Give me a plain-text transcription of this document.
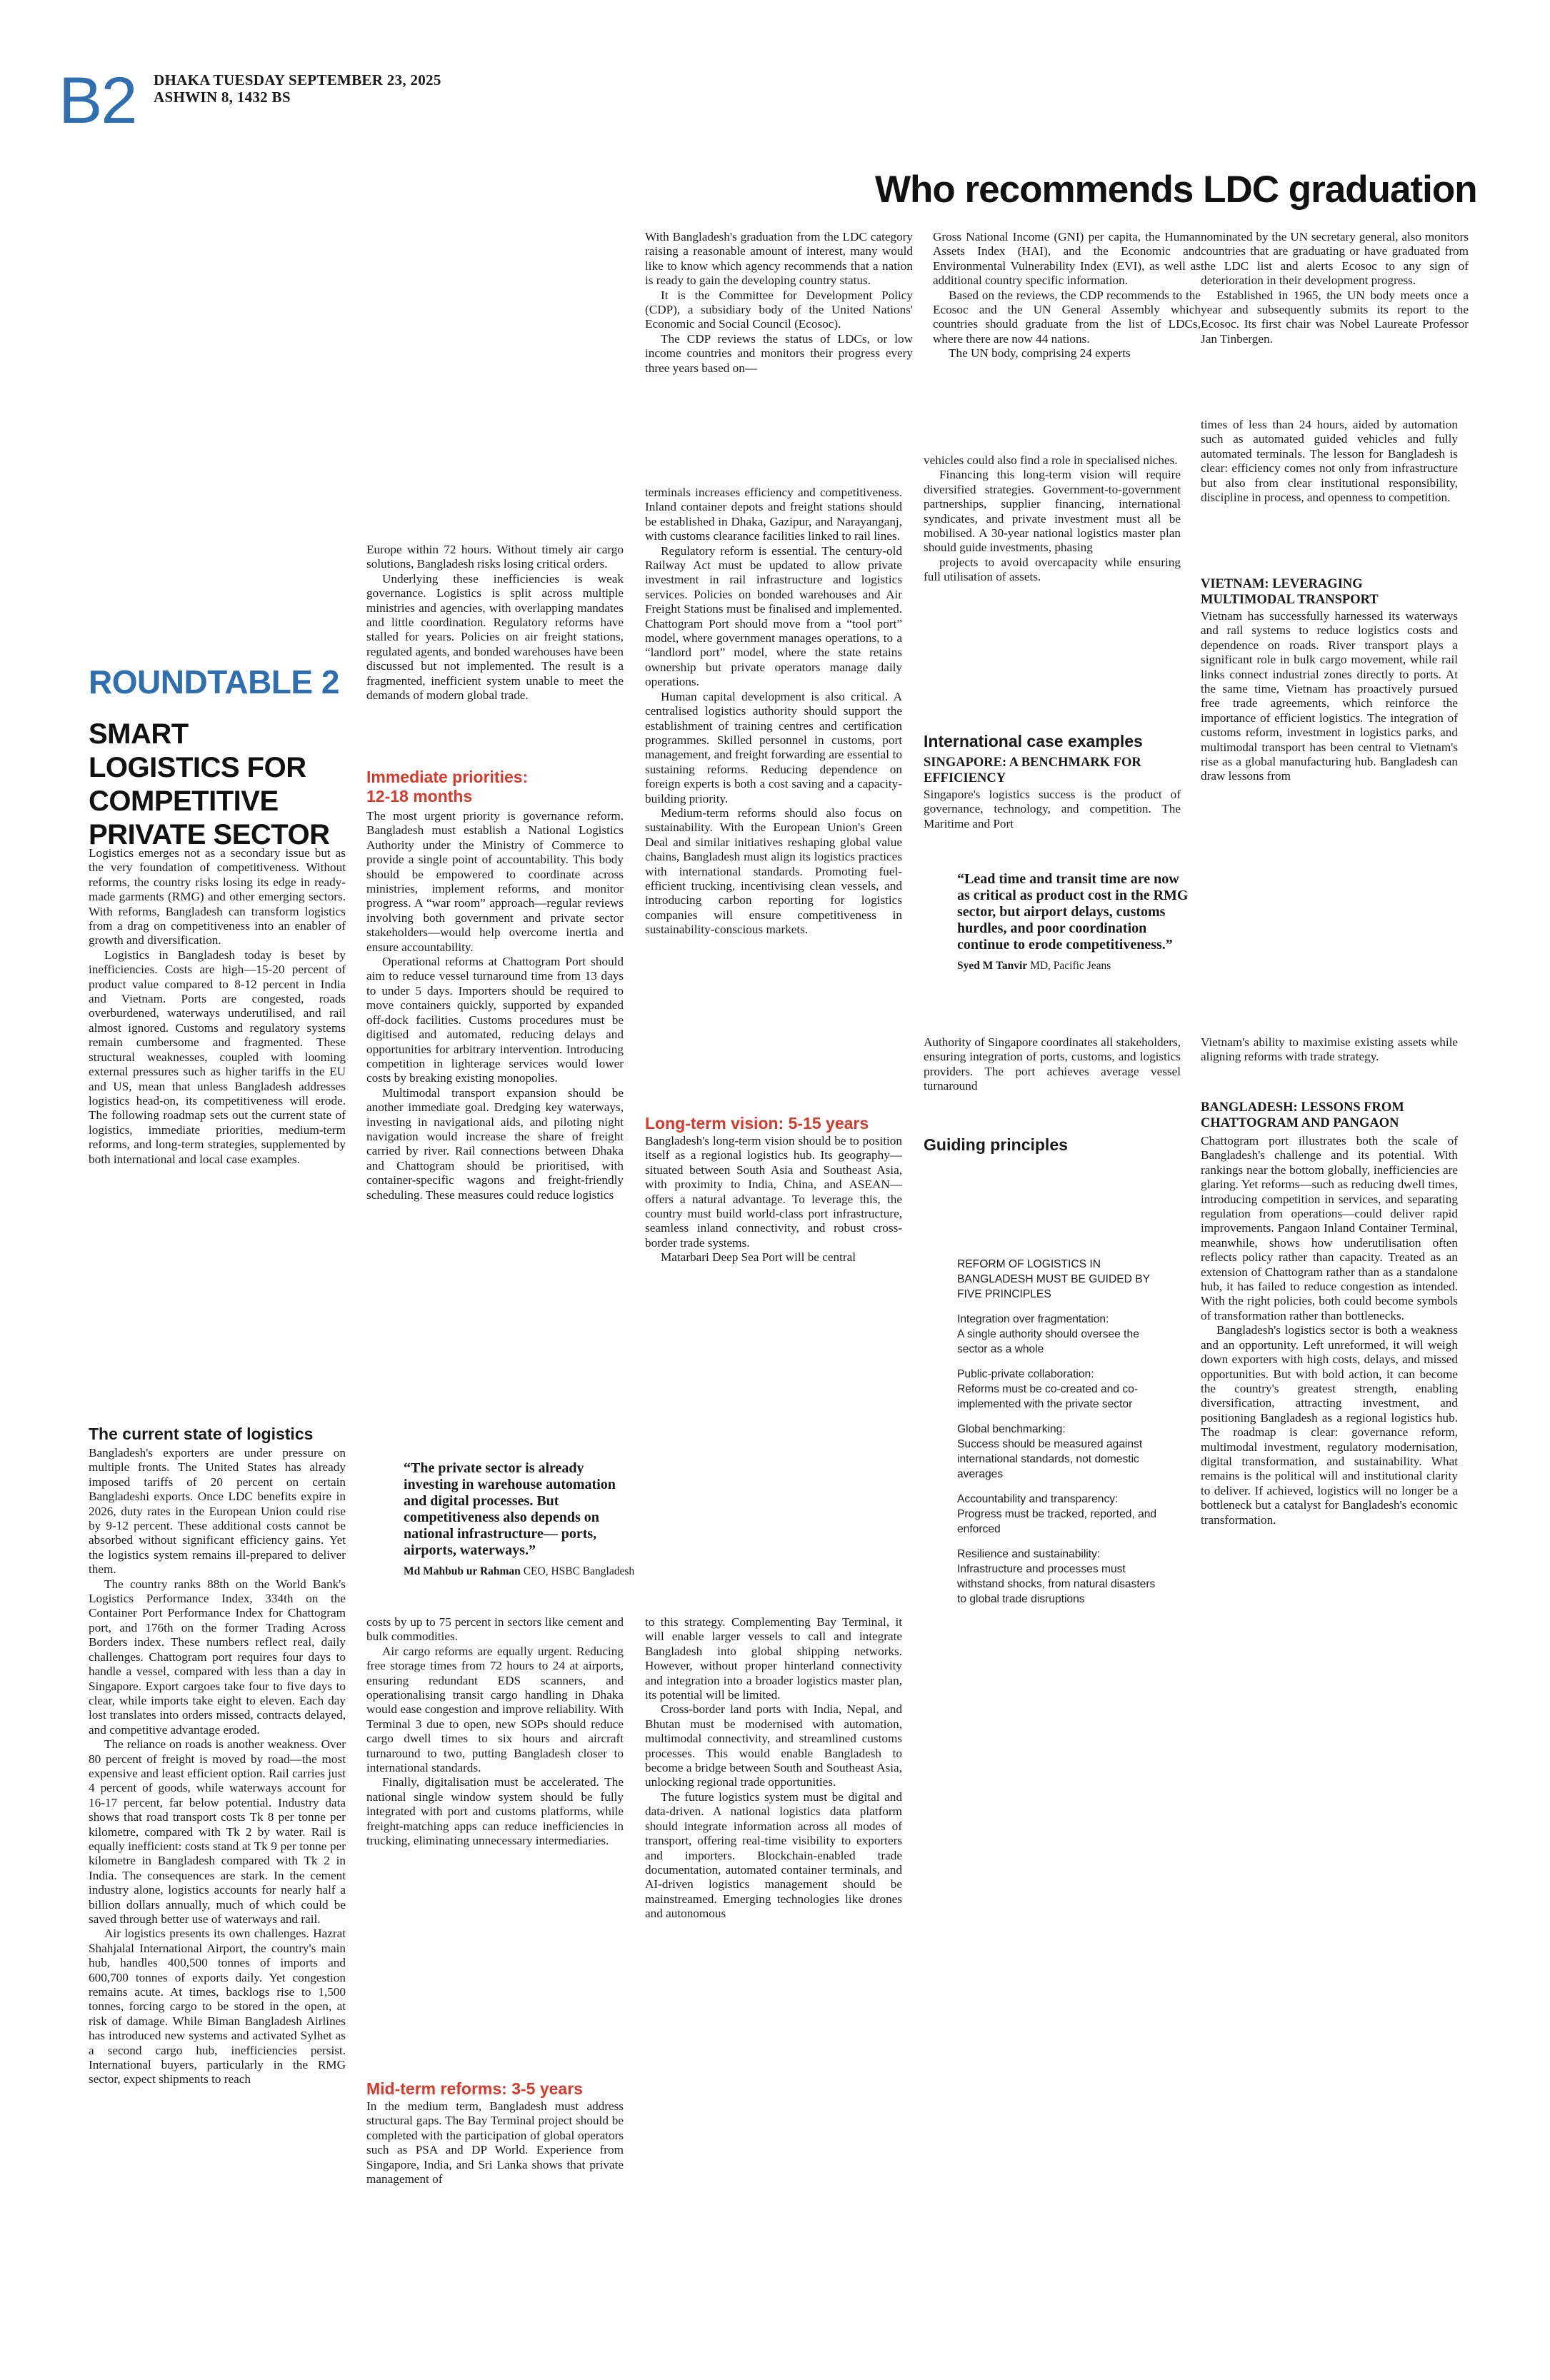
B2 DHAKA TUESDAY SEPTEMBER 23, 2025
ASHWIN 8, 1432 BS
Who recommends LDC graduation

With Bangladesh's graduation from the LDC category raising a reasonable amount of interest, many would like to know which agency recommends that a nation is ready to gain the developing country status.

It is the Committee for Development Policy (CDP), a subsidiary body of the United Nations' Economic and Social Council (Ecosoc).

The CDP reviews the status of LDCs, or low income countries and monitors their progress every three years based on—

Gross National Income (GNI) per capita, the Human Assets Index (HAI), and the Economic and Environmental Vulnerability Index (EVI), as well as additional country specific information.

Based on the reviews, the CDP recommends to the Ecosoc and the UN General Assembly which countries should graduate from the list of LDCs, where there are now 44 nations.

The UN body, comprising 24 experts

nominated by the UN secretary general, also monitors countries that are graduating or have graduated from the LDC list and alerts Ecosoc to any sign of deterioration in their development progress.

Established in 1965, the UN body meets once a year and subsequently submits its report to the Ecosoc. Its first chair was Nobel Laureate Professor Jan Tinbergen.

ROUNDTABLE 2
SMART LOGISTICS FOR COMPETITIVE PRIVATE SECTOR

Logistics emerges not as a secondary issue but as the very foundation of competitiveness. Without reforms, the country risks losing its edge in ready-made garments (RMG) and other emerging sectors. With reforms, Bangladesh can transform logistics from a drag on competitiveness into an enabler of growth and diversification.

Logistics in Bangladesh today is beset by inefficiencies. Costs are high—15-20 percent of product value compared to 8-12 percent in India and Vietnam. Ports are congested, roads overburdened, waterways underutilised, and rail almost ignored. Customs and regulatory systems remain cumbersome and fragmented. These structural weaknesses, coupled with looming external pressures such as higher tariffs in the EU and US, mean that unless Bangladesh addresses logistics head-on, its competitiveness will erode. The following roadmap sets out the current state of logistics, immediate priorities, medium-term reforms, and long-term strategies, supplemented by both international and local case examples.

The current state of logistics

Bangladesh's exporters are under pressure on multiple fronts. The United States has already imposed tariffs of 20 percent on certain Bangladeshi exports. Once LDC benefits expire in 2026, duty rates in the European Union could rise by 9-12 percent. These additional costs cannot be absorbed without significant efficiency gains. Yet the logistics system remains ill-prepared to deliver them.

The country ranks 88th on the World Bank's Logistics Performance Index, 334th on the Container Port Performance Index for Chattogram port, and 176th on the former Trading Across Borders index. These numbers reflect real, daily challenges. Chattogram port requires four days to handle a vessel, compared with less than a day in Singapore. Export cargoes take four to five days to clear, while imports take eight to eleven. Each day lost translates into orders missed, contracts delayed, and competitive advantage eroded.

The reliance on roads is another weakness. Over 80 percent of freight is moved by road—the most expensive and least efficient option. Rail carries just 4 percent of goods, while waterways account for 16-17 percent, far below potential. Industry data shows that road transport costs Tk 8 per tonne per kilometre, compared with Tk 2 by water. Rail is equally inefficient: costs stand at Tk 9 per tonne per kilometre in Bangladesh compared with Tk 2 in India. The consequences are stark. In the cement industry alone, logistics accounts for nearly half a billion dollars annually, much of which could be saved through better use of waterways and rail.

Air logistics presents its own challenges. Hazrat Shahjalal International Airport, the country's main hub, handles 400,500 tonnes of imports and 600,700 tonnes of exports daily. Yet congestion remains acute. At times, backlogs rise to 1,500 tonnes, forcing cargo to be stored in the open, at risk of damage. While Biman Bangladesh Airlines has introduced new systems and activated Sylhet as a second cargo hub, inefficiencies persist. International buyers, particularly in the RMG sector, expect shipments to reach

Europe within 72 hours. Without timely air cargo solutions, Bangladesh risks losing critical orders.

Underlying these inefficiencies is weak governance. Logistics is split across multiple ministries and agencies, with overlapping mandates and little coordination. Regulatory reforms have stalled for years. Policies on air freight stations, regulated agents, and bonded warehouses have been discussed but not implemented. The result is a fragmented, inefficient system unable to meet the demands of modern global trade.

Immediate priorities:
12-18 months

The most urgent priority is governance reform. Bangladesh must establish a National Logistics Authority under the Ministry of Commerce to provide a single point of accountability. This body should be empowered to coordinate across ministries, implement reforms, and monitor progress. A “war room” approach—regular reviews involving both government and private sector stakeholders—would help overcome inertia and ensure accountability.

Operational reforms at Chattogram Port should aim to reduce vessel turnaround time from 13 days to under 5 days. Importers should be required to move containers quickly, supported by expanded off-dock facilities. Customs procedures must be digitised and automated, reducing delays and opportunities for arbitrary intervention. Introducing competition in lighterage services would lower costs by breaking existing monopolies.

Multimodal transport expansion should be another immediate goal. Dredging key waterways, investing in navigational aids, and piloting night navigation would increase the share of freight carried by river. Rail connections between Dhaka and Chattogram should be prioritised, with container-specific wagons and freight-friendly scheduling. These measures could reduce logistics

“The private sector is already investing in warehouse automation and digital processes. But competitiveness also depends on national infrastructure— ports, airports, waterways.”
Md Mahbub ur Rahman CEO, HSBC Bangladesh

costs by up to 75 percent in sectors like cement and bulk commodities.

Air cargo reforms are equally urgent. Reducing free storage times from 72 hours to 24 at airports, ensuring redundant EDS scanners, and operationalising transit cargo handling in Dhaka would ease congestion and improve reliability. With Terminal 3 due to open, new SOPs should reduce cargo dwell times to six hours and aircraft turnaround to two, putting Bangladesh closer to international standards.

Finally, digitalisation must be accelerated. The national single window system should be fully integrated with port and customs platforms, while freight-matching apps can reduce inefficiencies in trucking, eliminating unnecessary intermediaries.

Mid-term reforms: 3-5 years

In the medium term, Bangladesh must address structural gaps. The Bay Terminal project should be completed with the participation of global operators such as PSA and DP World. Experience from Singapore, India, and Sri Lanka shows that private management of

terminals increases efficiency and competitiveness. Inland container depots and freight stations should be established in Dhaka, Gazipur, and Narayanganj, with customs clearance facilities linked to rail lines.

Regulatory reform is essential. The century-old Railway Act must be updated to allow private investment in rail infrastructure and logistics services. Policies on bonded warehouses and Air Freight Stations must be finalised and implemented. Chattogram Port should move from a “tool port” model, where government manages operations, to a “landlord port” model, where the state retains ownership but private operators manage daily operations.

Human capital development is also critical. A centralised logistics authority should support the establishment of training centres and certification programmes. Skilled personnel in customs, port management, and freight forwarding are essential to sustaining reforms. Reducing dependence on foreign experts is both a cost saving and a capacity-building priority.

Medium-term reforms should also focus on sustainability. With the European Union's Green Deal and similar initiatives reshaping global value chains, Bangladesh must align its logistics practices with international standards. Promoting fuel-efficient trucking, incentivising clean vessels, and introducing carbon reporting for logistics companies will ensure competitiveness in sustainability-conscious markets.

Long-term vision: 5-15 years

Bangladesh's long-term vision should be to position itself as a regional logistics hub. Its geography—situated between South Asia and Southeast Asia, with proximity to India, China, and ASEAN—offers a natural advantage. To leverage this, the country must build world-class port infrastructure, seamless inland connectivity, and robust cross-border trade systems.

Matarbari Deep Sea Port will be central

to this strategy. Complementing Bay Terminal, it will enable larger vessels to call and integrate Bangladesh into global shipping networks. However, without proper hinterland connectivity and integration into a broader logistics master plan, its potential will be limited.

Cross-border land ports with India, Nepal, and Bhutan must be modernised with automation, multimodal connectivity, and streamlined customs processes. This would enable Bangladesh to become a bridge between South and Southeast Asia, unlocking regional trade opportunities.

The future logistics system must be digital and data-driven. A national logistics data platform should integrate information across all modes of transport, offering real-time visibility to exporters and importers. Blockchain-enabled trade documentation, automated container terminals, and AI-driven logistics management should be mainstreamed. Emerging technologies like drones and autonomous

vehicles could also find a role in specialised niches.

Financing this long-term vision will require diversified strategies. Government-to-government partnerships, supplier financing, international syndicates, and private investment must all be mobilised. A 30-year national logistics master plan should guide investments, phasing

projects to avoid overcapacity while ensuring full utilisation of assets.

International case examples
SINGAPORE: A BENCHMARK FOR EFFICIENCY

Singapore's logistics success is the product of governance, technology, and competition. The Maritime and Port

“Lead time and transit time are now as critical as product cost in the RMG sector, but airport delays, customs hurdles, and poor coordination continue to erode competitiveness.”
Syed M Tanvir MD, Pacific Jeans

Authority of Singapore coordinates all stakeholders, ensuring integration of ports, customs, and logistics providers. The port achieves average vessel turnaround

Guiding principles
REFORM OF LOGISTICS IN BANGLADESH MUST BE GUIDED BY FIVE PRINCIPLES
Integration over fragmentation:
A single authority should oversee the sector as a whole
Public-private collaboration:
Reforms must be co-created and co-implemented with the private sector
Global benchmarking:
Success should be measured against international standards, not domestic averages
Accountability and transparency:
Progress must be tracked, reported, and enforced
Resilience and sustainability:
Infrastructure and processes must withstand shocks, from natural disasters to global trade disruptions

times of less than 24 hours, aided by automation such as automated guided vehicles and fully automated terminals. The lesson for Bangladesh is clear: efficiency comes not only from infrastructure but also from clear institutional responsibility, discipline in process, and openness to competition.

VIETNAM: LEVERAGING MULTIMODAL TRANSPORT

Vietnam has successfully harnessed its waterways and rail systems to reduce logistics costs and dependence on roads. River transport plays a significant role in bulk cargo movement, while rail links connect industrial zones directly to ports. At the same time, Vietnam has proactively pursued free trade agreements, which reinforce the importance of efficient logistics. The integration of customs reform, investment in logistics parks, and multimodal transport has been central to Vietnam's rise as a global manufacturing hub. Bangladesh can draw lessons from

Vietnam's ability to maximise existing assets while aligning reforms with trade strategy.

BANGLADESH: LESSONS FROM CHATTOGRAM AND PANGAON

Chattogram port illustrates both the scale of Bangladesh's challenge and its potential. With rankings near the bottom globally, inefficiencies are glaring. Yet reforms—such as reducing dwell times, introducing competition in services, and separating regulation from operations—could deliver rapid improvements. Pangaon Inland Container Terminal, meanwhile, shows how underutilisation often reflects policy rather than capacity. Treated as an extension of Chattogram rather than as a standalone hub, it has failed to reduce congestion as intended. With the right policies, both could become symbols of transformation rather than bottlenecks.

Bangladesh's logistics sector is both a weakness and an opportunity. Left unreformed, it will weigh down exporters with high costs, delays, and missed opportunities. But with bold action, it can become the country's greatest strength, enabling diversification, attracting investment, and positioning Bangladesh as a regional logistics hub. The roadmap is clear: governance reform, multimodal investment, regulatory modernisation, digital transformation, and sustainability. What remains is the political will and institutional clarity to deliver. If achieved, logistics will no longer be a bottleneck but a catalyst for Bangladesh's economic transformation.
